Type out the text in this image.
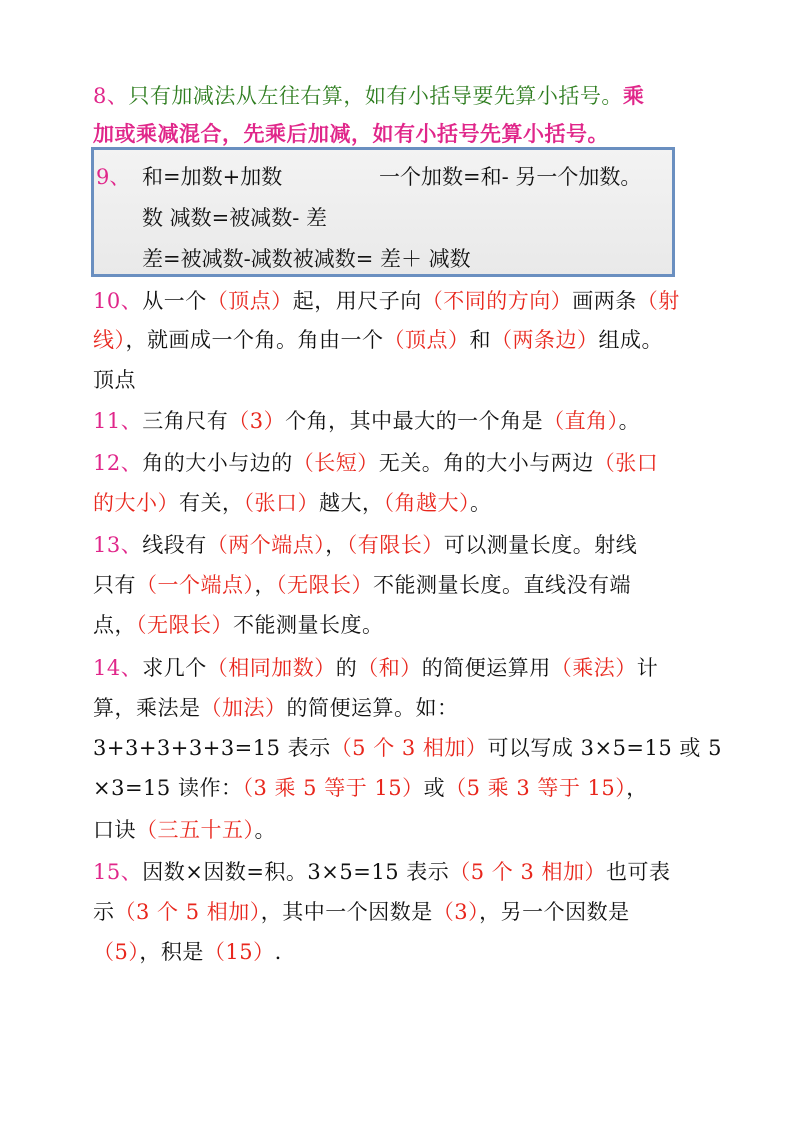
8、只有加减法从左往右算，如有小括导要先算小括号。乘
加或乘减混合，先乘后加减，如有小括号先算小括号。
9、 和=加数+加数	一个加数=和- 另一个加数。
数 减数=被减数- 差
差=被减数-减数被减数= 差＋ 减数
10、从一个（顶点）起，用尺子向（不同的方向）画两条（射
线），就画成一个角。角由一个（顶点）和（两条边）组成。
顶点
11、三角尺有（3）个角，其中最大的一个角是（直角）。
12、角的大小与边的（长短）无关。角的大小与两边（张口
的大小）有关，（张口）越大，（角越大）。
13、线段有（两个端点），（有限长）可以测量长度。射线
只有（一个端点），（无限长）不能测量长度。直线没有端
点，（无限长）不能测量长度。
14、求几个（相同加数）的（和）的简便运算用（乘法）计
算，乘法是（加法）的简便运算。如：
3+3+3+3+3=15 表示（5 个 3 相加）可以写成 3×5=15 或 5
×3=15 读作：（3 乘 5 等于 15）或（5 乘 3 等于 15），
口诀（三五十五）。
15、因数×因数=积。3×5=15 表示（5 个 3 相加）也可表
示（3 个 5 相加），其中一个因数是（3），另一个因数是
（5），积是（15）.
